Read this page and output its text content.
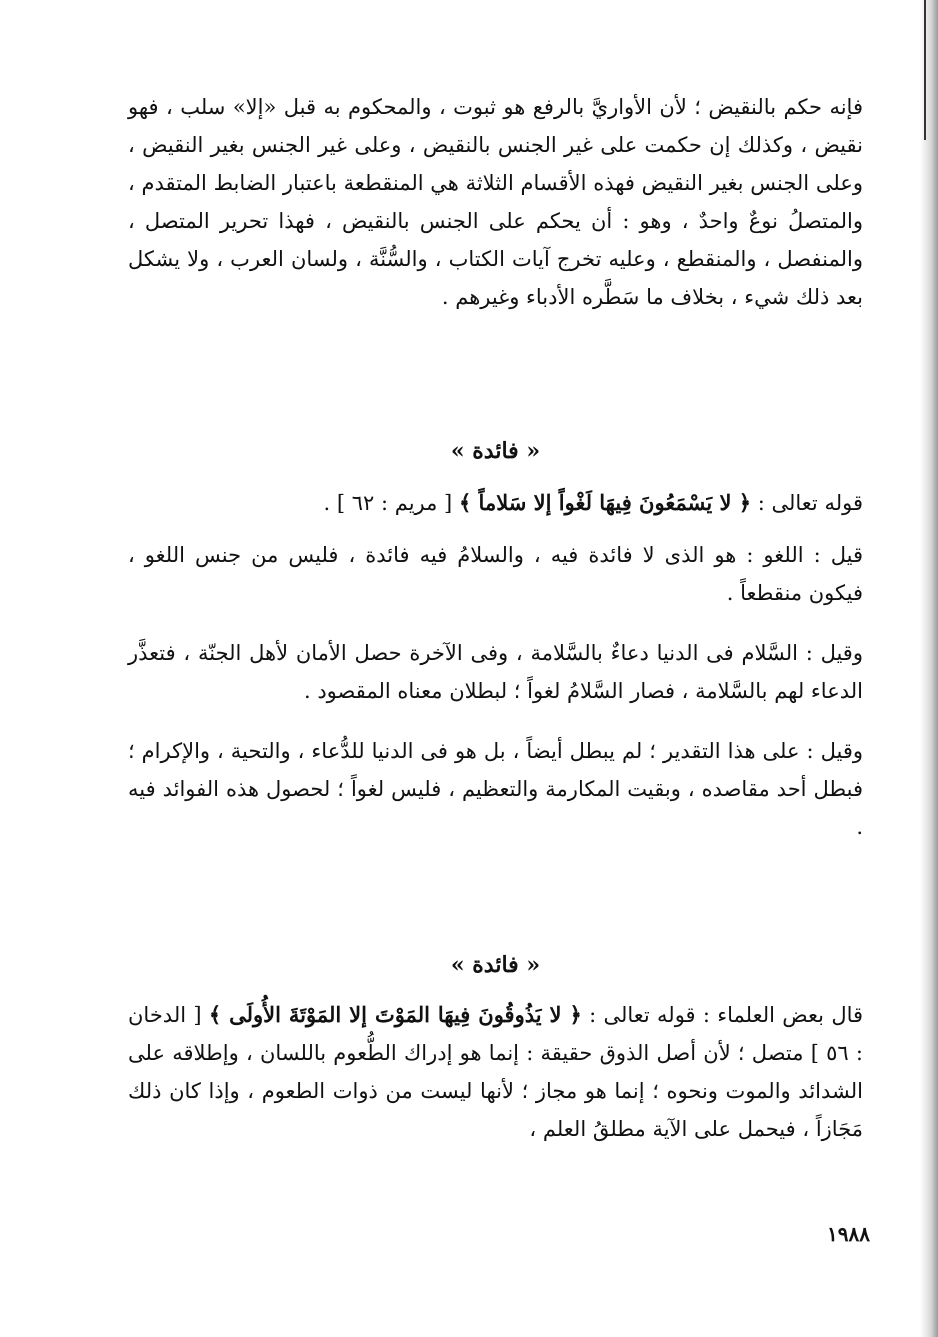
فإنه حكم بالنقيض ؛ لأن الأواريَّ بالرفع هو ثبوت ، والمحكوم به قبل «إلا» سلب ، فهو نقيض ، وكذلك إن حكمت على غير الجنس بالنقيض ، وعلى غير الجنس بغير النقيض ، وعلى الجنس بغير النقيض فهذه الأقسام الثلاثة هي المنقطعة باعتبار الضابط المتقدم ، والمتصلُ نوعٌ واحدٌ ، وهو : أن يحكم على الجنس بالنقيض ، فهذا تحرير المتصل ، والمنفصل ، والمنقطع ، وعليه تخرج آيات الكتاب ، والسُّنَّة ، ولسان العرب ، ولا يشكل بعد ذلك شيء ، بخلاف ما سَطَّره الأدباء وغيرهم .

« فائدة »

قوله تعالى : ﴿ لا يَسْمَعُونَ فِيهَا لَغْواً إلا سَلاماً ﴾ [ مريم : ٦٢ ] .

قيل : اللغو : هو الذى لا فائدة فيه ، والسلامُ فيه فائدة ، فليس من جنس اللغو ، فيكون منقطعاً .

وقيل : السَّلام فى الدنيا دعاءٌ بالسَّلامة ، وفى الآخرة حصل الأمان لأهل الجنّة ، فتعذَّر الدعاء لهم بالسَّلامة ، فصار السَّلامُ لغواً ؛ لبطلان معناه المقصود .

وقيل : على هذا التقدير ؛ لم يبطل أيضاً ، بل هو فى الدنيا للدُّعاء ، والتحية ، والإكرام ؛ فبطل أحد مقاصده ، وبقيت المكارمة والتعظيم ، فليس لغواً ؛ لحصول هذه الفوائد فيه .

« فائدة »

قال بعض العلماء : قوله تعالى : ﴿ لا يَذُوقُونَ فِيهَا المَوْتَ إلا المَوْتَةَ الأُولَى ﴾ [ الدخان : ٥٦ ] متصل ؛ لأن أصل الذوق حقيقة : إنما هو إدراك الطُّعوم باللسان ، وإطلاقه على الشدائد والموت ونحوه ؛ إنما هو مجاز ؛ لأنها ليست من ذوات الطعوم ، وإذا كان ذلك مَجَازاً ، فيحمل على الآية مطلقُ العلم ،

١٩٨٨
